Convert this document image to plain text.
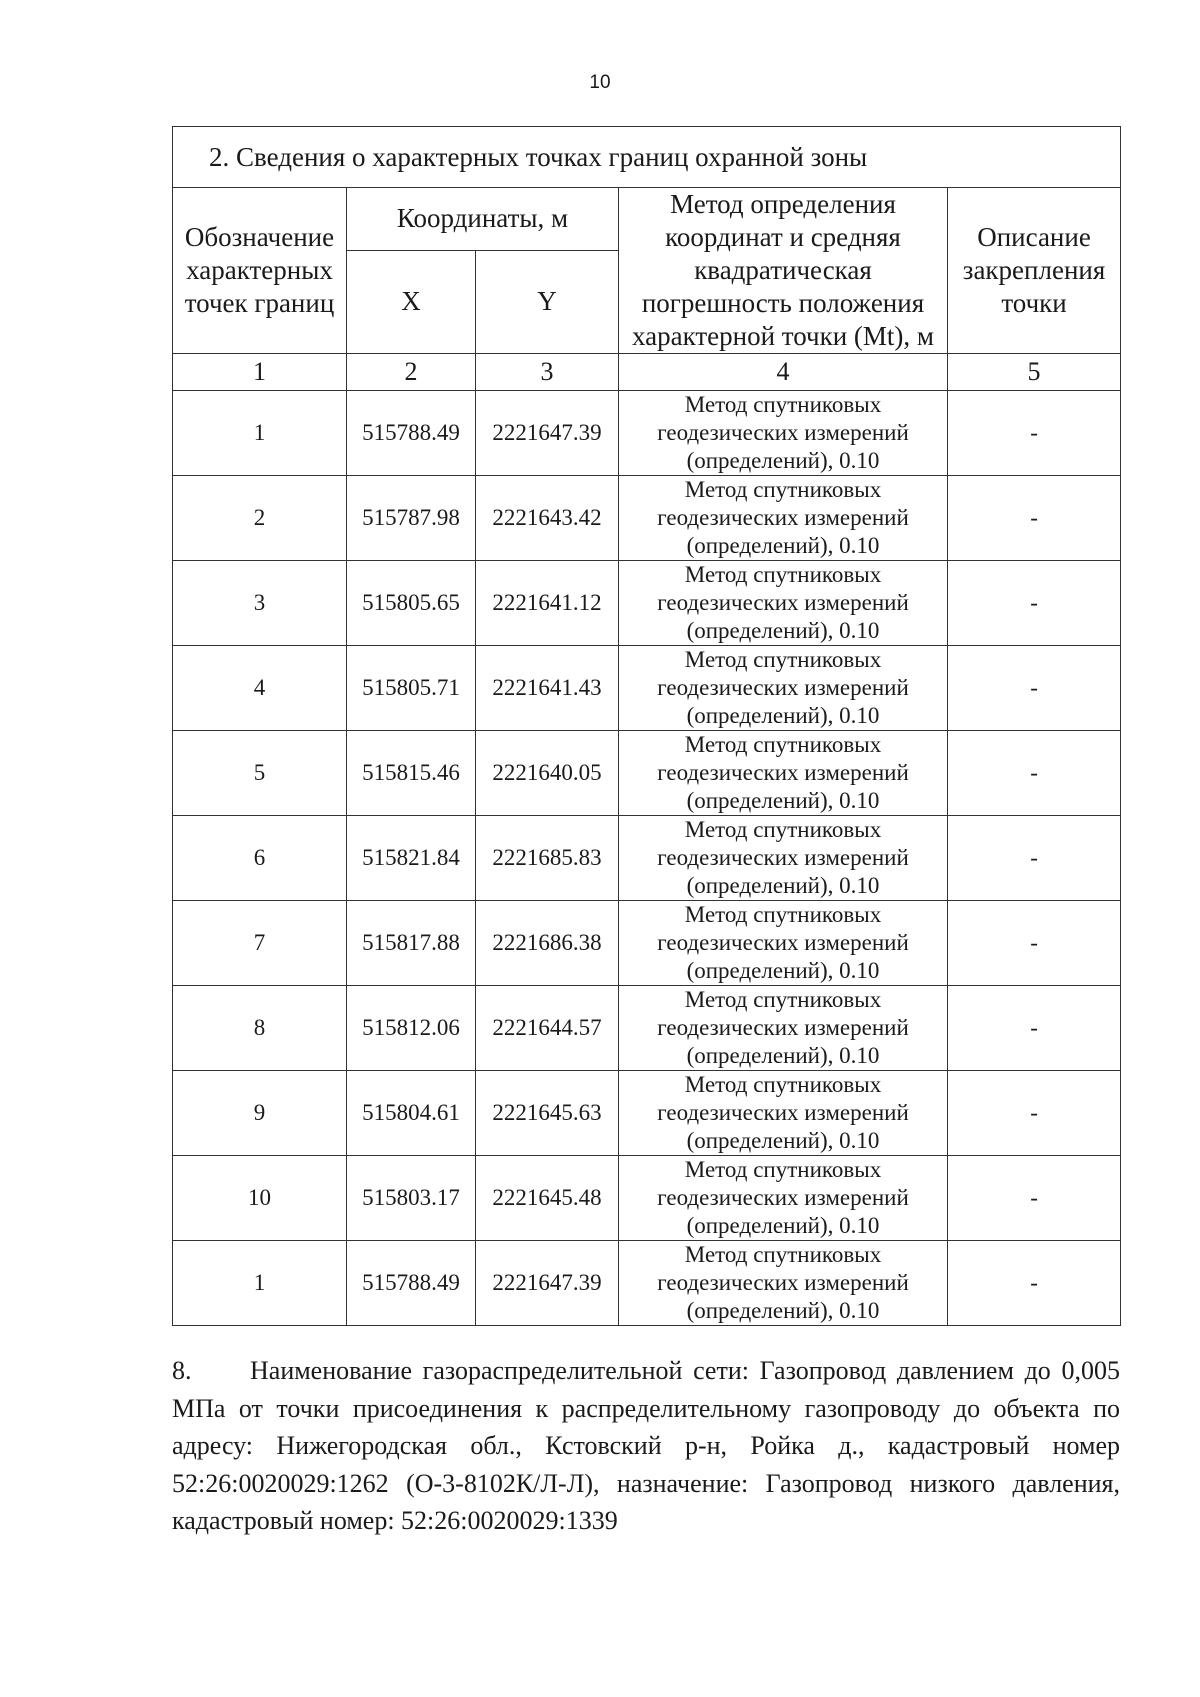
10
2. Сведения о характерных точках границ охранной зоны				
Обозначение характерных точек границ	Координаты, м		Метод определения координат и средняя квадратическая погрешность положения характерной точки (Mt), м	Описание закрепления точки
	X	Y		
1	2	3	4	5
1	515788.49	2221647.39	Метод спутниковых
геодезических измерений
(определений), 0.10	-
2	515787.98	2221643.42	Метод спутниковых
геодезических измерений
(определений), 0.10	-
3	515805.65	2221641.12	Метод спутниковых
геодезических измерений
(определений), 0.10	-
4	515805.71	2221641.43	Метод спутниковых
геодезических измерений
(определений), 0.10	-
5	515815.46	2221640.05	Метод спутниковых
геодезических измерений
(определений), 0.10	-
6	515821.84	2221685.83	Метод спутниковых
геодезических измерений
(определений), 0.10	-
7	515817.88	2221686.38	Метод спутниковых
геодезических измерений
(определений), 0.10	-
8	515812.06	2221644.57	Метод спутниковых
геодезических измерений
(определений), 0.10	-
9	515804.61	2221645.63	Метод спутниковых
геодезических измерений
(определений), 0.10	-
10	515803.17	2221645.48	Метод спутниковых
геодезических измерений
(определений), 0.10	-
1	515788.49	2221647.39	Метод спутниковых
геодезических измерений
(определений), 0.10	-
8. Наименование газораспределительной сети: Газопровод давлением до 0,005 МПа от точки присоединения к распределительному газопроводу до объекта по адресу: Нижегородская обл., Кстовский р-н, Ройка д., кадастровый номер 52:26:0020029:1262 (О-3-8102К/Л-Л), назначение: Газопровод низкого давления, кадастровый номер: 52:26:0020029:1339
